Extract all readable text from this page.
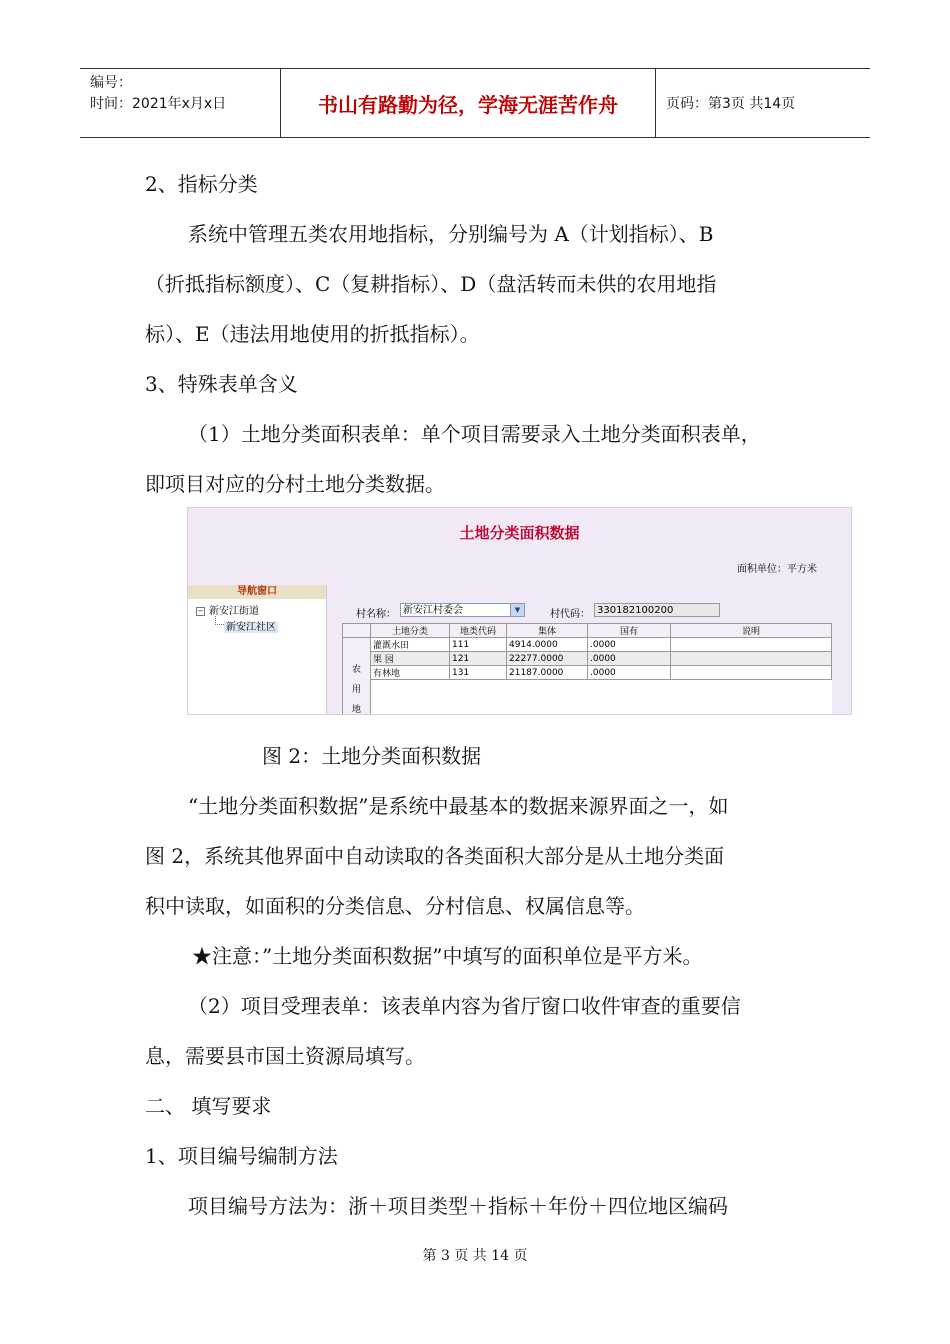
编号：
时间：2021年x月x日	书山有路勤为径，学海无涯苦作舟	页码：第3页 共14页
2、指标分类
系统中管理五类农用地指标，分别编号为 A（计划指标）、B
（折抵指标额度）、C（复耕指标）、D（盘活转而未供的农用地指
标）、E（违法用地使用的折抵指标）。
3、特殊表单含义
（1）土地分类面积表单：单个项目需要录入土地分类面积表单，
即项目对应的分村土地分类数据。
土地分类面积数据
面积单位：平方米
导航窗口
− 新安江街道
新安江社区
村名称： 新安江村委会	▼	村代码： 330182100200
	土地分类	地类代码	集体	国有	说明

农
用
地	灌溉水田	111	4914.0000	.0000	
	果 园	121	22277.0000	.0000	
	有林地	131	21187.0000	.0000	

图 2：土地分类面积数据
“土地分类面积数据”是系统中最基本的数据来源界面之一，如
图 2，系统其他界面中自动读取的各类面积大部分是从土地分类面
积中读取，如面积的分类信息、分村信息、权属信息等。
★注意：”土地分类面积数据”中填写的面积单位是平方米。
（2）项目受理表单：该表单内容为省厅窗口收件审查的重要信
息，需要县市国土资源局填写。
二、 填写要求
1、项目编号编制方法
项目编号方法为：浙＋项目类型＋指标＋年份＋四位地区编码
第 3 页 共 14 页
